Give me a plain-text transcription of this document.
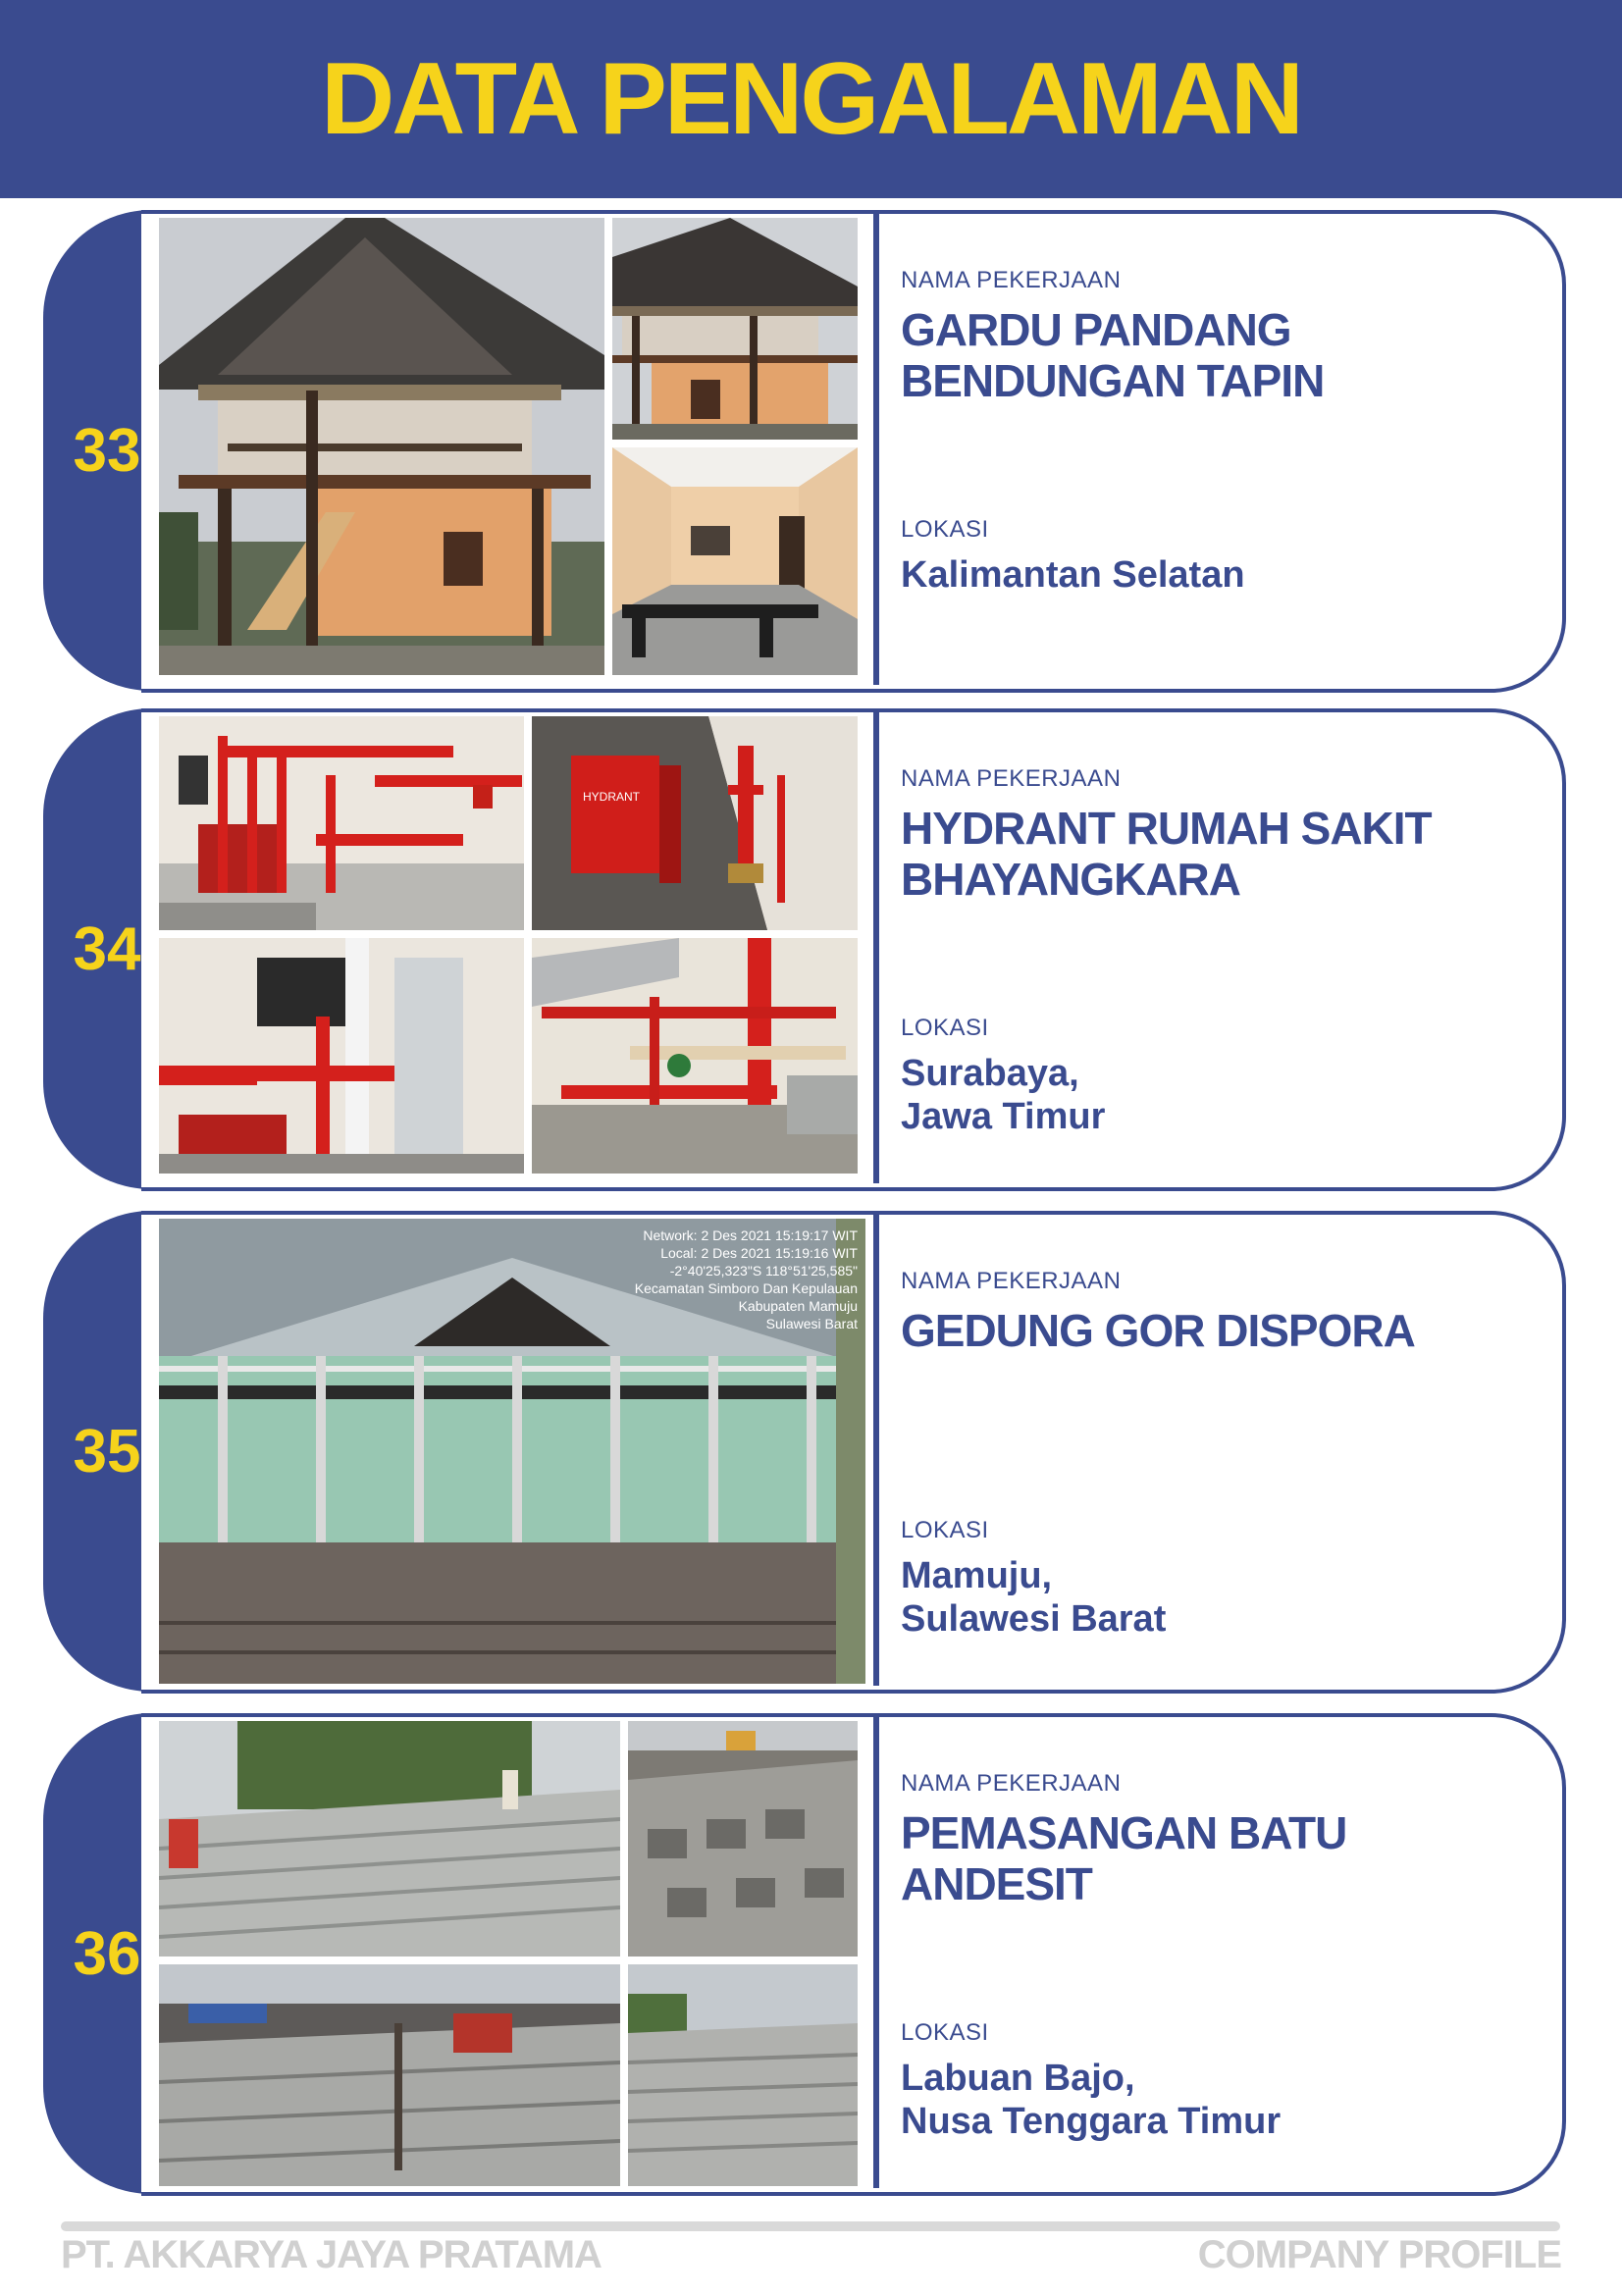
DATA PENGALAMAN
33
NAMA PEKERJAAN
GARDU PANDANG
BENDUNGAN TAPIN
LOKASI
Kalimantan Selatan
34
HYDRANT
NAMA PEKERJAAN
HYDRANT RUMAH SAKIT
BHAYANGKARA
LOKASI
Surabaya,
Jawa Timur
35
Network: 2 Des 2021 15:19:17 WIT
Local: 2 Des 2021 15:19:16 WIT
-2°40'25,323"S 118°51'25,585"
Kecamatan Simboro Dan Kepulauan
Kabupaten Mamuju
Sulawesi Barat
NAMA PEKERJAAN
GEDUNG GOR DISPORA
LOKASI
Mamuju,
Sulawesi Barat
36
NAMA PEKERJAAN
PEMASANGAN BATU
ANDESIT
LOKASI
Labuan Bajo,
Nusa Tenggara Timur
PT. AKKARYA JAYA PRATAMA	COMPANY PROFILE
